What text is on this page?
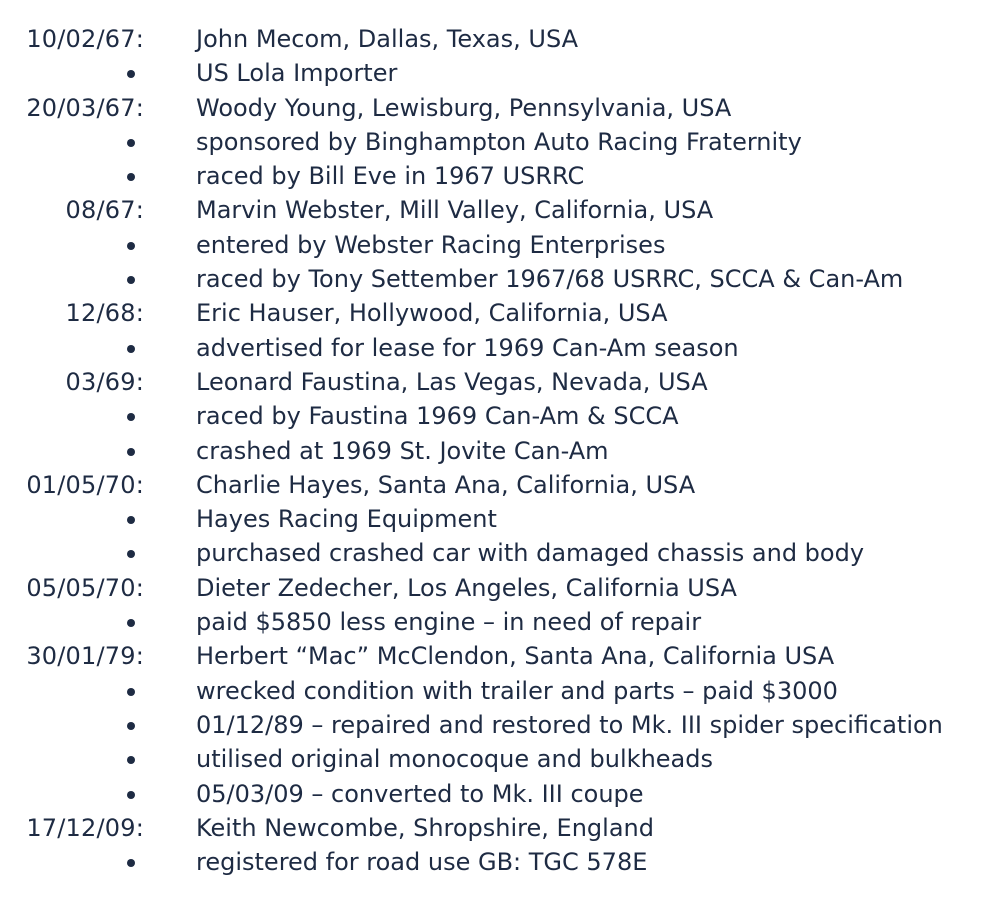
10/02/67: John Mecom, Dallas, Texas, USA
US Lola Importer
20/03/67: Woody Young, Lewisburg, Pennsylvania, USA
sponsored by Binghampton Auto Racing Fraternity
raced by Bill Eve in 1967 USRRC
08/67: Marvin Webster, Mill Valley, California, USA
entered by Webster Racing Enterprises
raced by Tony Settember 1967/68 USRRC, SCCA & Can-Am
12/68: Eric Hauser, Hollywood, California, USA
advertised for lease for 1969 Can-Am season
03/69: Leonard Faustina, Las Vegas, Nevada, USA
raced by Faustina 1969 Can-Am & SCCA
crashed at 1969 St. Jovite Can-Am
01/05/70: Charlie Hayes, Santa Ana, California, USA
Hayes Racing Equipment
purchased crashed car with damaged chassis and body
05/05/70: Dieter Zedecher, Los Angeles, California USA
paid $5850 less engine – in need of repair
30/01/79: Herbert “Mac” McClendon, Santa Ana, California USA
wrecked condition with trailer and parts – paid $3000
01/12/89 – repaired and restored to Mk. III spider specification
utilised original monocoque and bulkheads
05/03/09 – converted to Mk. III coupe
17/12/09: Keith Newcombe, Shropshire, England
registered for road use GB: TGC 578E
